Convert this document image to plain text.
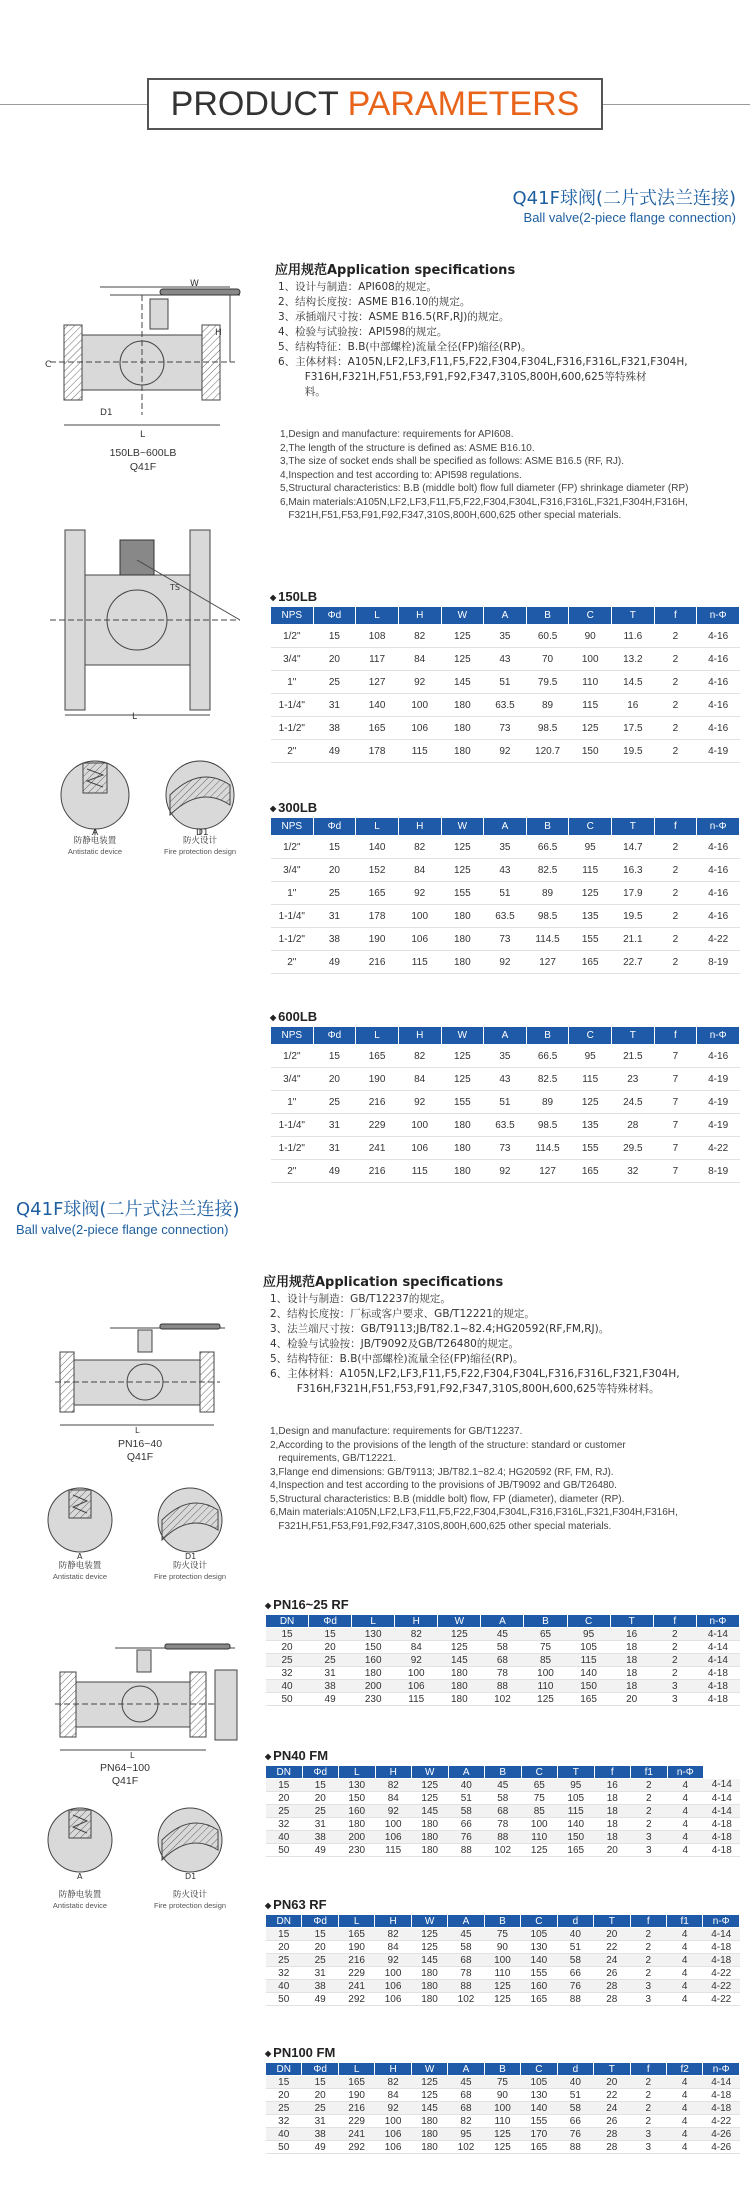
PRODUCT PARAMETERS
Q41F球阀(二片式法兰连接)
Ball valve(2-piece flange connection)
H
L
C
W
D1
150LB~600LB
Q41F
L
TS
A
防静电装置
Antistatic device
D1
防火设计
Fire protection design
应用规范Application specifications
1、设计与制造：API608的规定。
2、结构长度按：ASME B16.10的规定。
3、承插端尺寸按：ASME B16.5(RF,RJ)的规定。
4、检验与试验按：API598的规定。
5、结构特征：B.B(中部螺栓)流量全径(FP)缩径(RP)。
6、主体材料：A105N,LF2,LF3,F11,F5,F22,F304,F304L,F316,F316L,F321,F304H,
F316H,F321H,F51,F53,F91,F92,F347,310S,800H,600,625等特殊材
料。
1,Design and manufacture: requirements for API608.
2,The length of the structure is defined as: ASME B16.10.
3,The size of socket ends shall be specified as follows: ASME B16.5 (RF, RJ).
4,Inspection and test according to: API598 regulations.
5,Structural characteristics: B.B (middle bolt) flow full diameter (FP) shrinkage diameter (RP)
6,Main materials:A105N,LF2,LF3,F11,F5,F22,F304,F304L,F316,F316L,F321,F304H,F316H,
F321H,F51,F53,F91,F92,F347,310S,800H,600,625 other special materials.
◆ 150LB
NPS	Φd	L	H	W	A	B	C	T	f	n-Φ
1/2"	15	108	82	125	35	60.5	90	11.6	2	4-16
3/4"	20	117	84	125	43	70	100	13.2	2	4-16
1"	25	127	92	145	51	79.5	110	14.5	2	4-16
1-1/4"	31	140	100	180	63.5	89	115	16	2	4-16
1-1/2"	38	165	106	180	73	98.5	125	17.5	2	4-16
2"	49	178	115	180	92	120.7	150	19.5	2	4-19
◆ 300LB
NPS	Φd	L	H	W	A	B	C	T	f	n-Φ
1/2"	15	140	82	125	35	66.5	95	14.7	2	4-16
3/4"	20	152	84	125	43	82.5	115	16.3	2	4-16
1"	25	165	92	155	51	89	125	17.9	2	4-16
1-1/4"	31	178	100	180	63.5	98.5	135	19.5	2	4-16
1-1/2"	38	190	106	180	73	114.5	155	21.1	2	4-22
2"	49	216	115	180	92	127	165	22.7	2	8-19
◆ 600LB
NPS	Φd	L	H	W	A	B	C	T	f	n-Φ
1/2"	15	165	82	125	35	66.5	95	21.5	7	4-16
3/4"	20	190	84	125	43	82.5	115	23	7	4-19
1"	25	216	92	155	51	89	125	24.5	7	4-19
1-1/4"	31	229	100	180	63.5	98.5	135	28	7	4-19
1-1/2"	31	241	106	180	73	114.5	155	29.5	7	4-22
2"	49	216	115	180	92	127	165	32	7	8-19
Q41F球阀(二片式法兰连接)
Ball valve(2-piece flange connection)
L
PN16~40
Q41F
A
防静电装置
Antistatic device
D1
防火设计
Fire protection design
L
PN64~100
Q41F
A
防静电装置
Antistatic device
D1
防火设计
Fire protection design
应用规范Application specifications
1、设计与制造：GB/T12237的规定。
2、结构长度按：厂标或客户要求、GB/T12221的规定。
3、法兰端尺寸按：GB/T9113;JB/T82.1~82.4;HG20592(RF,FM,RJ)。
4、检验与试验按：JB/T9092及GB/T26480的规定。
5、结构特征：B.B(中部螺栓)流量全径(FP)缩径(RP)。
6、主体材料：A105N,LF2,LF3,F11,F5,F22,F304,F304L,F316,F316L,F321,F304H,
F316H,F321H,F51,F53,F91,F92,F347,310S,800H,600,625等特殊材料。
1,Design and manufacture: requirements for GB/T12237.
2,According to the provisions of the length of the structure: standard or customer
requirements, GB/T12221.
3,Flange end dimensions: GB/T9113; JB/T82.1~82.4; HG20592 (RF, FM, RJ).
4,Inspection and test according to the provisions of JB/T9092 and GB/T26480.
5,Structural characteristics: B.B (middle bolt) flow, FP (diameter), diameter (RP).
6,Main materials:A105N,LF2,LF3,F11,F5,F22,F304,F304L,F316,F316L,F321,F304H,F316H,
F321H,F51,F53,F91,F92,F347,310S,800H,600,625 other special materials.
◆ PN16~25 RF
DN	Φd	L	H	W	A	B	C	T	f	n-Φ
15	15	130	82	125	45	65	95	16	2	4-14
20	20	150	84	125	58	75	105	18	2	4-14
25	25	160	92	145	68	85	115	18	2	4-14
32	31	180	100	180	78	100	140	18	2	4-18
40	38	200	106	180	88	110	150	18	3	4-18
50	49	230	115	180	102	125	165	20	3	4-18
◆ PN40 FM
DN	Φd	L	H	W	A	B	C	T	f	f1	n-Φ	
15	15	130	82	125	40	45	65	95	16	2	4	4-14
20	20	150	84	125	51	58	75	105	18	2	4	4-14
25	25	160	92	145	58	68	85	115	18	2	4	4-14
32	31	180	100	180	66	78	100	140	18	2	4	4-18
40	38	200	106	180	76	88	110	150	18	3	4	4-18
50	49	230	115	180	88	102	125	165	20	3	4	4-18
◆ PN63 RF
DN	Φd	L	H	W	A	B	C	d	T	f	f1	n-Φ
15	15	165	82	125	45	75	105	40	20	2	4	4-14
20	20	190	84	125	58	90	130	51	22	2	4	4-18
25	25	216	92	145	68	100	140	58	24	2	4	4-18
32	31	229	100	180	78	110	155	66	26	2	4	4-22
40	38	241	106	180	88	125	160	76	28	3	4	4-22
50	49	292	106	180	102	125	165	88	28	3	4	4-22
◆ PN100 FM
DN	Φd	L	H	W	A	B	C	d	T	f	f2	n-Φ
15	15	165	82	125	45	75	105	40	20	2	4	4-14
20	20	190	84	125	68	90	130	51	22	2	4	4-18
25	25	216	92	145	68	100	140	58	24	2	4	4-18
32	31	229	100	180	82	110	155	66	26	2	4	4-22
40	38	241	106	180	95	125	170	76	28	3	4	4-26
50	49	292	106	180	102	125	165	88	28	3	4	4-26
